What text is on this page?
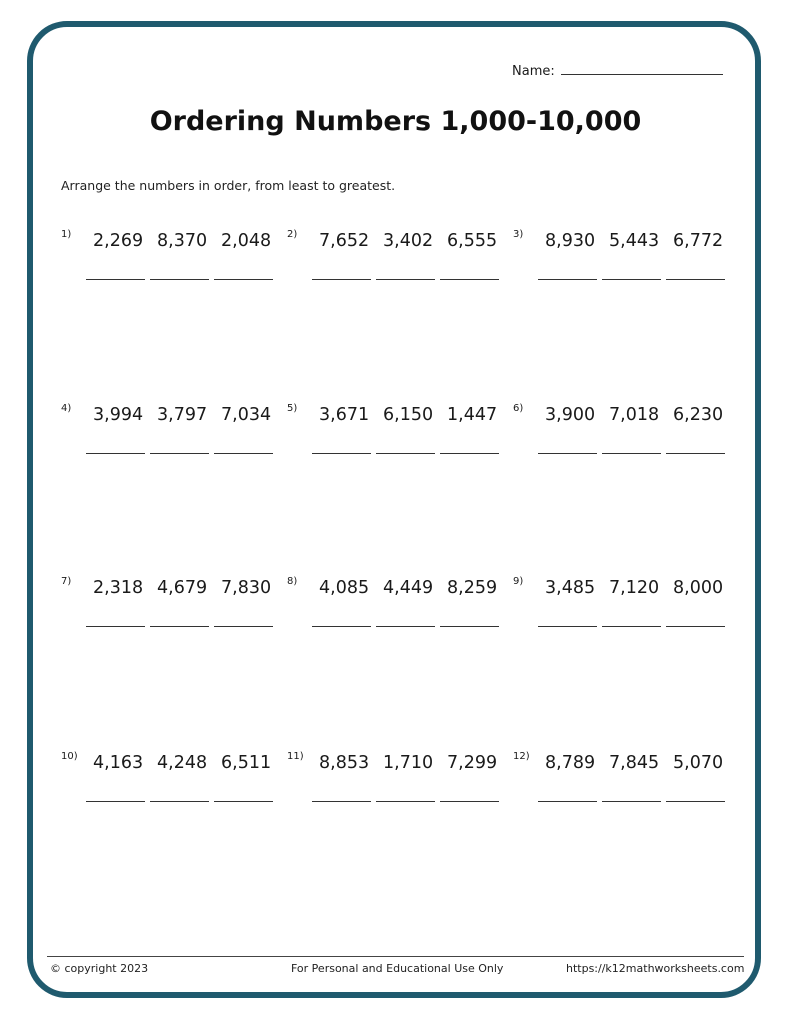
Name:
Ordering Numbers 1,000-10,000
Arrange the numbers in order, from least to greatest.
1) 2,269 8,370 2,048	2) 7,652 3,402 6,555	3) 8,930 5,443 6,772
4) 3,994 3,797 7,034	5) 3,671 6,150 1,447	6) 3,900 7,018 6,230
7) 2,318 4,679 7,830	8) 4,085 4,449 8,259	9) 3,485 7,120 8,000
10) 4,163 4,248 6,511	11) 8,853 1,710 7,299	12) 8,789 7,845 5,070
© copyright 2023	For Personal and Educational Use Only	https://k12mathworksheets.com
